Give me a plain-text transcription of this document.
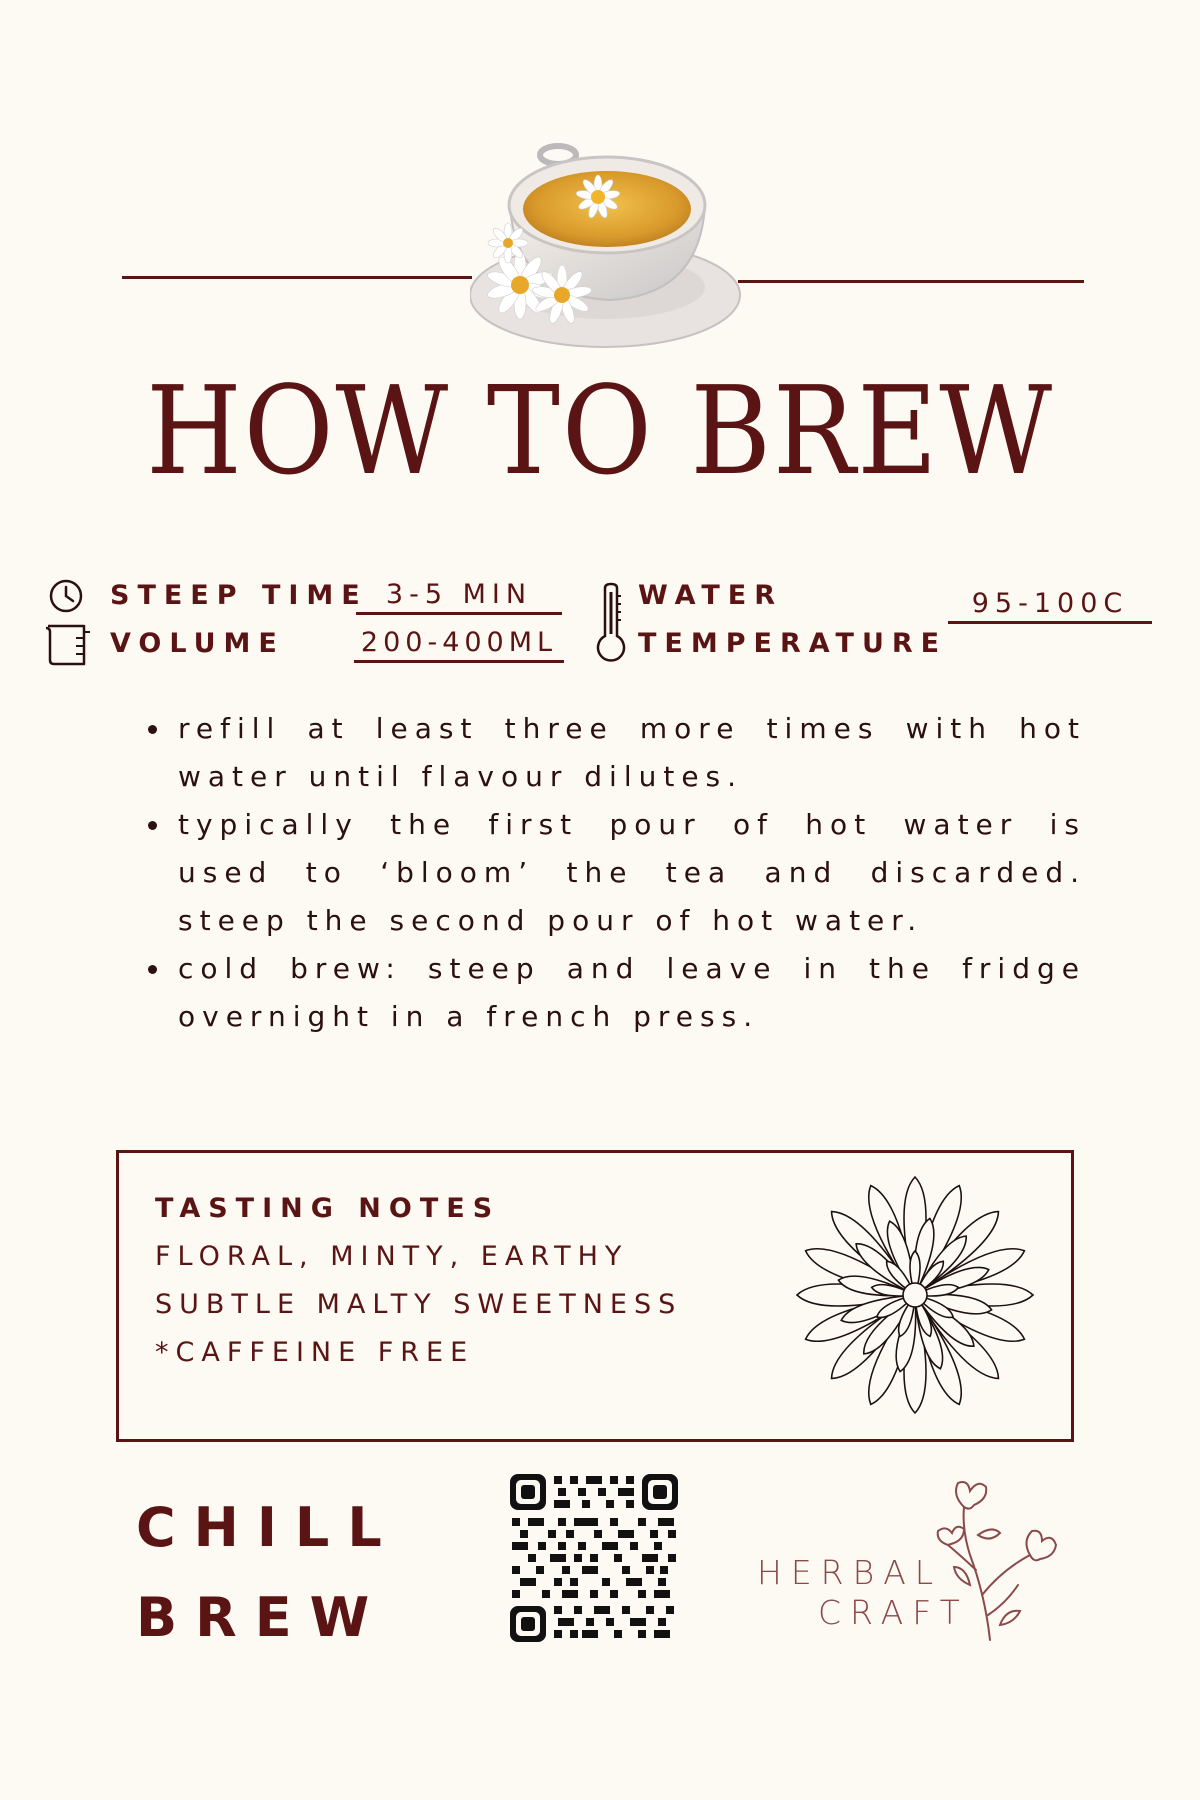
HOW TO BREW
STEEP TIME 3-5 MIN
VOLUME	200-400ML
WATER
TEMPERATURE
95-100C
refill at least three more times with hot water until flavour dilutes.
typically the first pour of hot water is used to ‘bloom’ the tea and discarded. steep the second pour of hot water.
cold brew: steep and leave in the fridge overnight in a french press.
TASTING NOTES
FLORAL, MINTY, EARTHY
SUBTLE MALTY SWEETNESS
*CAFFEINE FREE
CHILL
BREW
HERBAL
CRAFT
